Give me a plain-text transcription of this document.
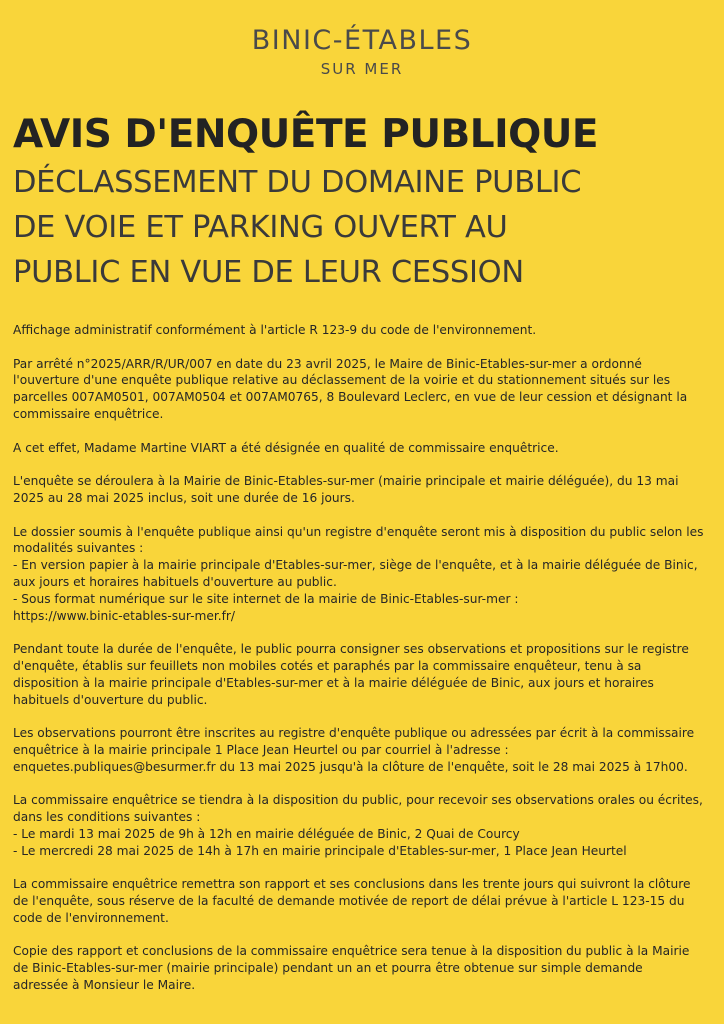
BINIC-ÉTABLES
SUR MER
AVIS D'ENQUÊTE PUBLIQUE
DÉCLASSEMENT DU DOMAINE PUBLIC
DE VOIE ET PARKING OUVERT AU
PUBLIC EN VUE DE LEUR CESSION

Affichage administratif conformément à l'article R 123-9 du code de l'environnement.

Par arrêté n°2025/ARR/R/UR/007 en date du 23 avril 2025, le Maire de Binic-Etables-sur-mer a ordonné
l'ouverture d'une enquête publique relative au déclassement de la voirie et du stationnement situés sur les
parcelles 007AM0501, 007AM0504 et 007AM0765, 8 Boulevard Leclerc, en vue de leur cession et désignant la
commissaire enquêtrice.

A cet effet, Madame Martine VIART a été désignée en qualité de commissaire enquêtrice.

L'enquête se déroulera à la Mairie de Binic-Etables-sur-mer (mairie principale et mairie déléguée), du 13 mai
2025 au 28 mai 2025 inclus, soit une durée de 16 jours.

Le dossier soumis à l'enquête publique ainsi qu'un registre d'enquête seront mis à disposition du public selon les
modalités suivantes :
- En version papier à la mairie principale d'Etables-sur-mer, siège de l'enquête, et à la mairie déléguée de Binic,
aux jours et horaires habituels d'ouverture au public.
- Sous format numérique sur le site internet de la mairie de Binic-Etables-sur-mer :
https://www.binic-etables-sur-mer.fr/

Pendant toute la durée de l'enquête, le public pourra consigner ses observations et propositions sur le registre
d'enquête, établis sur feuillets non mobiles cotés et paraphés par la commissaire enquêteur, tenu à sa
disposition à la mairie principale d'Etables-sur-mer et à la mairie déléguée de Binic, aux jours et horaires
habituels d'ouverture du public.

Les observations pourront être inscrites au registre d'enquête publique ou adressées par écrit à la commissaire
enquêtrice à la mairie principale 1 Place Jean Heurtel ou par courriel à l'adresse :
enquetes.publiques@besurmer.fr du 13 mai 2025 jusqu'à la clôture de l'enquête, soit le 28 mai 2025 à 17h00.

La commissaire enquêtrice se tiendra à la disposition du public, pour recevoir ses observations orales ou écrites,
dans les conditions suivantes :
- Le mardi 13 mai 2025 de 9h à 12h en mairie déléguée de Binic, 2 Quai de Courcy
- Le mercredi 28 mai 2025 de 14h à 17h en mairie principale d'Etables-sur-mer, 1 Place Jean Heurtel

La commissaire enquêtrice remettra son rapport et ses conclusions dans les trente jours qui suivront la clôture
de l'enquête, sous réserve de la faculté de demande motivée de report de délai prévue à l'article L 123-15 du
code de l'environnement.

Copie des rapport et conclusions de la commissaire enquêtrice sera tenue à la disposition du public à la Mairie
de Binic-Etables-sur-mer (mairie principale) pendant un an et pourra être obtenue sur simple demande
adressée à Monsieur le Maire.
